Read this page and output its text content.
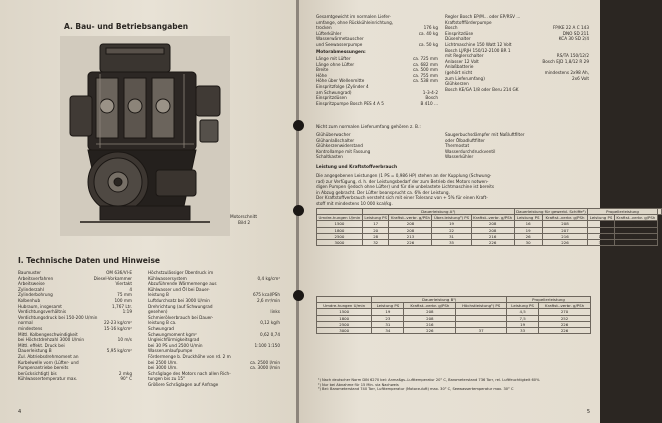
A. Bau- und Betriebsangaben
Motorschnitt
Bild 2
I. Technische Daten und Hinweise
Baumuster	OM 636/VI-E
Arbeitsverfahren	Diesel-Vorkammer
Arbeitsweise	Viertakt
Zylinderzahl	4
Zylinderbohrung	75 mm
Kolbenhub	100 mm
Hubraum, insgesamt	1,767 Ltr.
Verdichtungsverhältnis	1:19
Verdichtungsdruck bei 150-200 U/min
normal	22-23 kg/cm²
mindestens	15-16 kg/cm²
Mittl. Kolbengeschwindigkeit
bei Höchstdrehzahl 3000 U/min	10 m/s
Mittl. effekt. Druck bei
Dauerleistung B	5,95 kg/cm²
Zul. Abtriebsdrehmoment an
Kurbelwelle vorn (Lüfter- und
Pumpenantriebe bereits
berücksichtigt) bis	2 mkg
Kühlwassertemperatur max.	90° C
Höchstzulässiger Überdruck im
Kühlwassersystem	0,4 kg/cm²
Abzuführende Wärmemenge aus
Kühlwasser und Öl bei Dauer-
leistung B	675 kcal/PSh
Luftdurchsatz bei 3000 U/min	2,6 m³/min
Drehrichtung (auf Schwungrad
gesehen)	links
Schmierölverbrauch bei Dauer-
leistung B ca.	0,12 kg/h
Schwungrad
Schwungmoment kgm²	0,62 0,74
Ungleichförmigkeitsgrad
bei 30 PS und 2500 U/min	1:100 1:150
Wasserumlaufpumpe
Fördermenge b. Druckhöhe von rd. 2 m
bei 2500 U/m.	ca. 2500 l/min
bei 3000 U/m.	ca. 3000 l/min
Schräglage des Motors nach allen Rich-
tungen bis zu 15°
Größere Schräglagen auf Anfrage
4
Gesamtgewicht im normalen Liefer-
umfange, ohne Rückkühleinrichtung,
trocken	176 kg
Lüfterkühler	ca. 40 kg
Wasserwärmetauscher
und Seewasserpumpe	ca. 50 kg
Motorabmessungen:
Länge mit Lüfter	ca. 725 mm
Länge ohne Lüfter	ca. 682 mm
Breite	ca. 500 mm
Höhe	ca. 755 mm
Höhe über Wellenmitte	ca. 538 mm
Einspritzfolge (Zylinder 4
am Schwungrad)	1-3-4-2
Einspritzdüsen	Bosch
Einspritzpumpe Bosch PES 4 A 5	B 410 ...
Regler Bosch EP/M... oder EP/RSV ...
Kraftstoffförderpumpe
Bosch	FP/KE 22 A C 143
Einspritzdüse	DNO SD 211
Düsenhalter	KCA 30 SD 2/4
Lichtmaschine 150 Watt 12 Volt
Bosch LJ/RJH 150/12-2100 BR 1
mit Reglerschalter	RS/TA 150/12/2
Anlasser 12 Volt	Bosch EJD 1,8/12 R 29
Anlaßbatterie
(gehört nicht	mindestens 2x98 Ah,
zum Lieferumfang)	2x6 Volt
Glühkerzen
Bosch KE/GA 1/8 oder Beru 214 GK
Nicht zum normalen Lieferumfang gehören z. B.:
Glühüberwacher
Glühanlaßschalter
Glühkerzenwiderstand
Kontrollampe mit Fassung
Schaltkasten
Saugerbuchsdämpfer mit Naßluftfilter
oder Ölbadluftfilter
Thermostat
Wasserdurchdruckventil
Wasserkühler
Leistung und Kraftstoffverbrauch
Die angegebenen Leistungen (1 PS = 0,986 HP) stehen an der Kupplung (Schwung-
rad) zur Verfügung, d. h. der Leistungsbedarf der zum Betrieb des Motors notwen-
digen Pumpen (jedoch ohne Lüfter) und für die unbelastete Lichtmaschine ist bereits
in Abzug gebracht. Der Lüfter beansprucht ca. 6% der Leistung.
Der Kraftstoffverbrauch versteht sich mit einer Toleranz von + 5% für einen Kraft-
stoff mit mindestens 10 000 kcal/kg.
	Dauerleistung A¹)				Dauerleistung für gewerbl. Schiffe²)		Propellerleistung		
Umdre-hungen U/min	Leistung PS	Kraftst.-verbr. g/PSh	Über-leistung³) PS	Kraftst.-verbr. g/PSh	Leistung PS	Kraftst.-verbr. g/PSh	Leistung PS	Kraftst.-verbr. g/PSh	
1500	17	208	19	208	16	208	4	270	
1800	20	208	22	208	19	207	7	252	
2500	28	213	31	216	26	216	17	225	
3000	32	226	35	226	30	226	30	226	
	Dauerleistung B¹)			Propellerleistung	
Umdre-hungen U/min	Leistung PS	Kraftst.-verbr. g/PSh	Höchstleistung¹) PS	Leistung PS	Kraftst.-verbr. g/PSh
1500	19	208		4,5	270
1800	23	208		7,5	252
2500	31	216		19	226
3000	34	226	37	33	226
5
¹) Nach deutscher Norm DIN 6270 bei: Anmaßgs.-Lufttemperatur 20° C, Barometerstand 736 Torr, rel. Luftfeuchtigkeit 60%
²) Nur bei Abnahme für 15 Min. via Nachweis
³) Bei: Barometerstand 740 Torr, Lufttemperatur (Motorzuluft) max. 30° C, Seewassertemperatur max. 30° C
